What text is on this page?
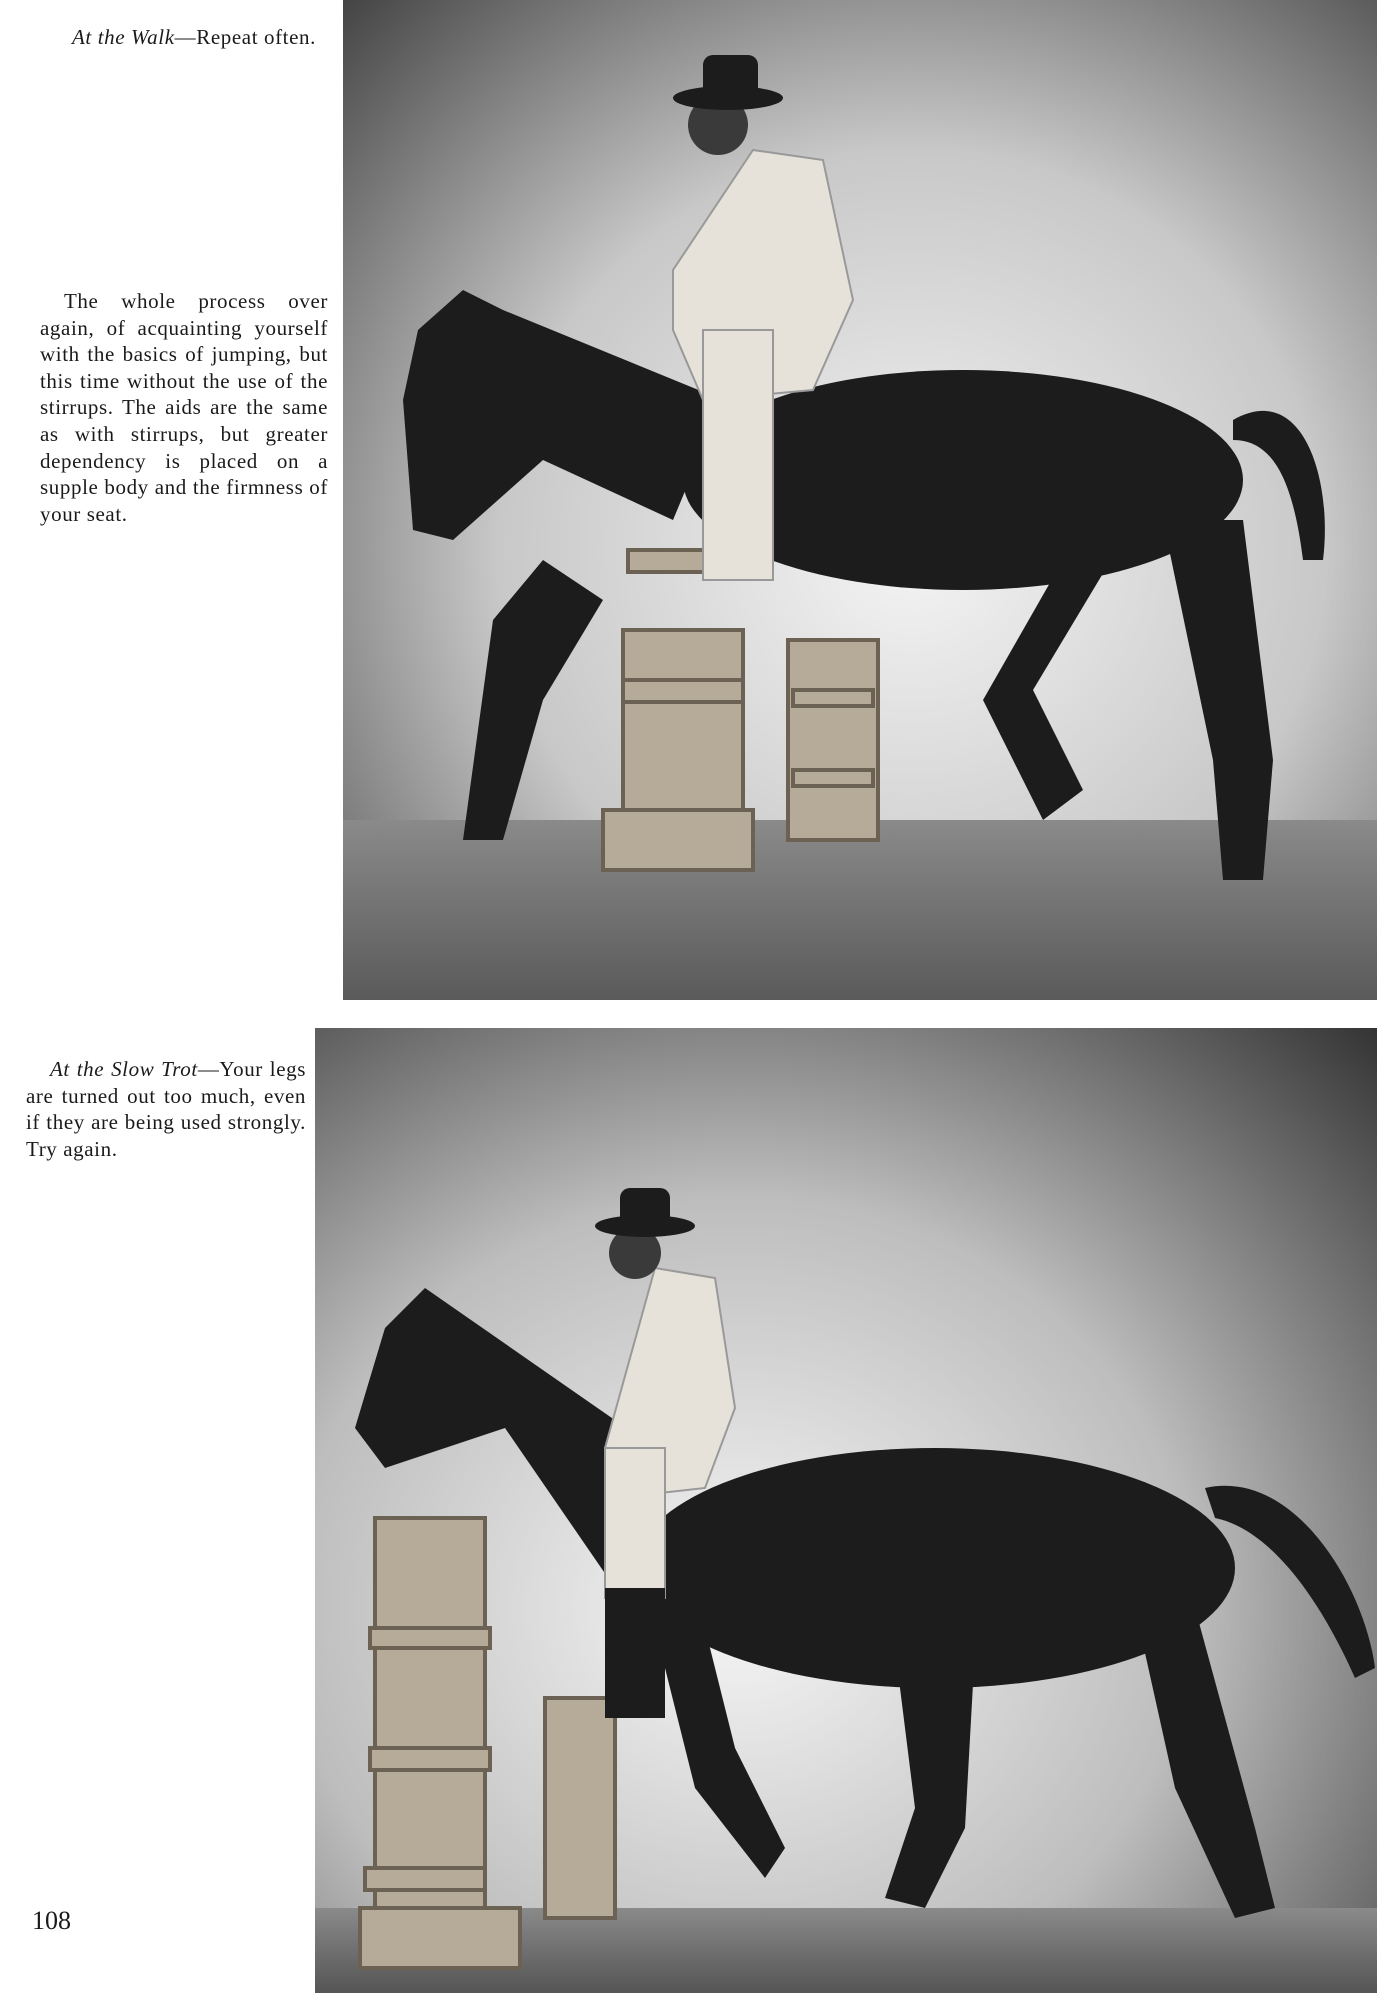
At the Walk—Repeat often.
The whole process over again, of acquainting yourself with the basics of jumping, but this time without the use of the stirrups. The aids are the same as with stirrups, but greater dependency is placed on a supple body and the firmness of your seat.
At the Slow Trot—Your legs are turned out too much, even if they are being used strongly. Try again.
108
